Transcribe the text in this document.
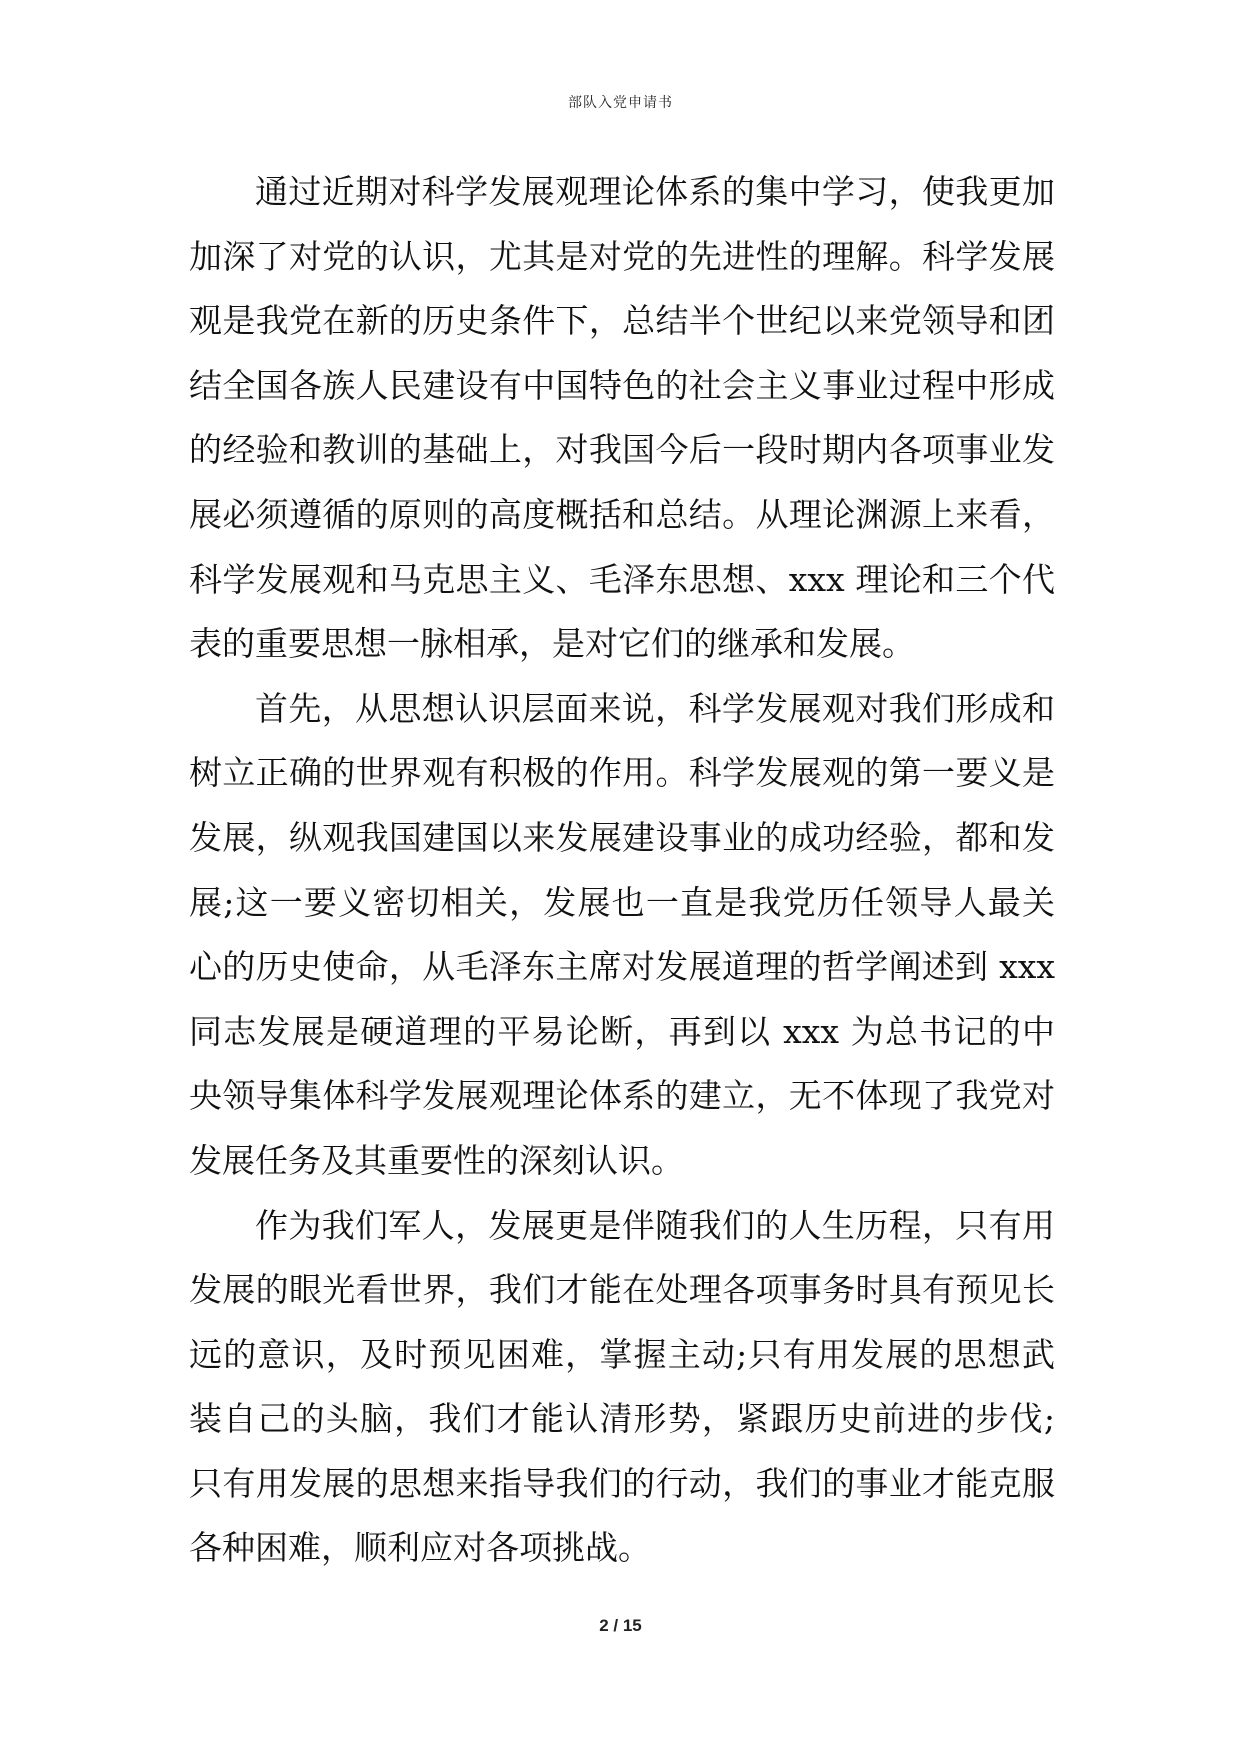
部队入党申请书

通过近期对科学发展观理论体系的集中学习，使我更加加深了对党的认识，尤其是对党的先进性的理解。科学发展观是我党在新的历史条件下，总结半个世纪以来党领导和团结全国各族人民建设有中国特色的社会主义事业过程中形成的经验和教训的基础上，对我国今后一段时期内各项事业发展必须遵循的原则的高度概括和总结。从理论渊源上来看，科学发展观和马克思主义、毛泽东思想、xxx 理论和三个代表的重要思想一脉相承，是对它们的继承和发展。

首先，从思想认识层面来说，科学发展观对我们形成和树立正确的世界观有积极的作用。科学发展观的第一要义是发展，纵观我国建国以来发展建设事业的成功经验，都和发展;这一要义密切相关，发展也一直是我党历任领导人最关心的历史使命，从毛泽东主席对发展道理的哲学阐述到 xxx 同志发展是硬道理的平易论断，再到以 xxx 为总书记的中央领导集体科学发展观理论体系的建立，无不体现了我党对发展任务及其重要性的深刻认识。

作为我们军人，发展更是伴随我们的人生历程，只有用发展的眼光看世界，我们才能在处理各项事务时具有预见长远的意识，及时预见困难，掌握主动;只有用发展的思想武装自己的头脑，我们才能认清形势，紧跟历史前进的步伐;只有用发展的思想来指导我们的行动，我们的事业才能克服各种困难，顺利应对各项挑战。

2 / 15
